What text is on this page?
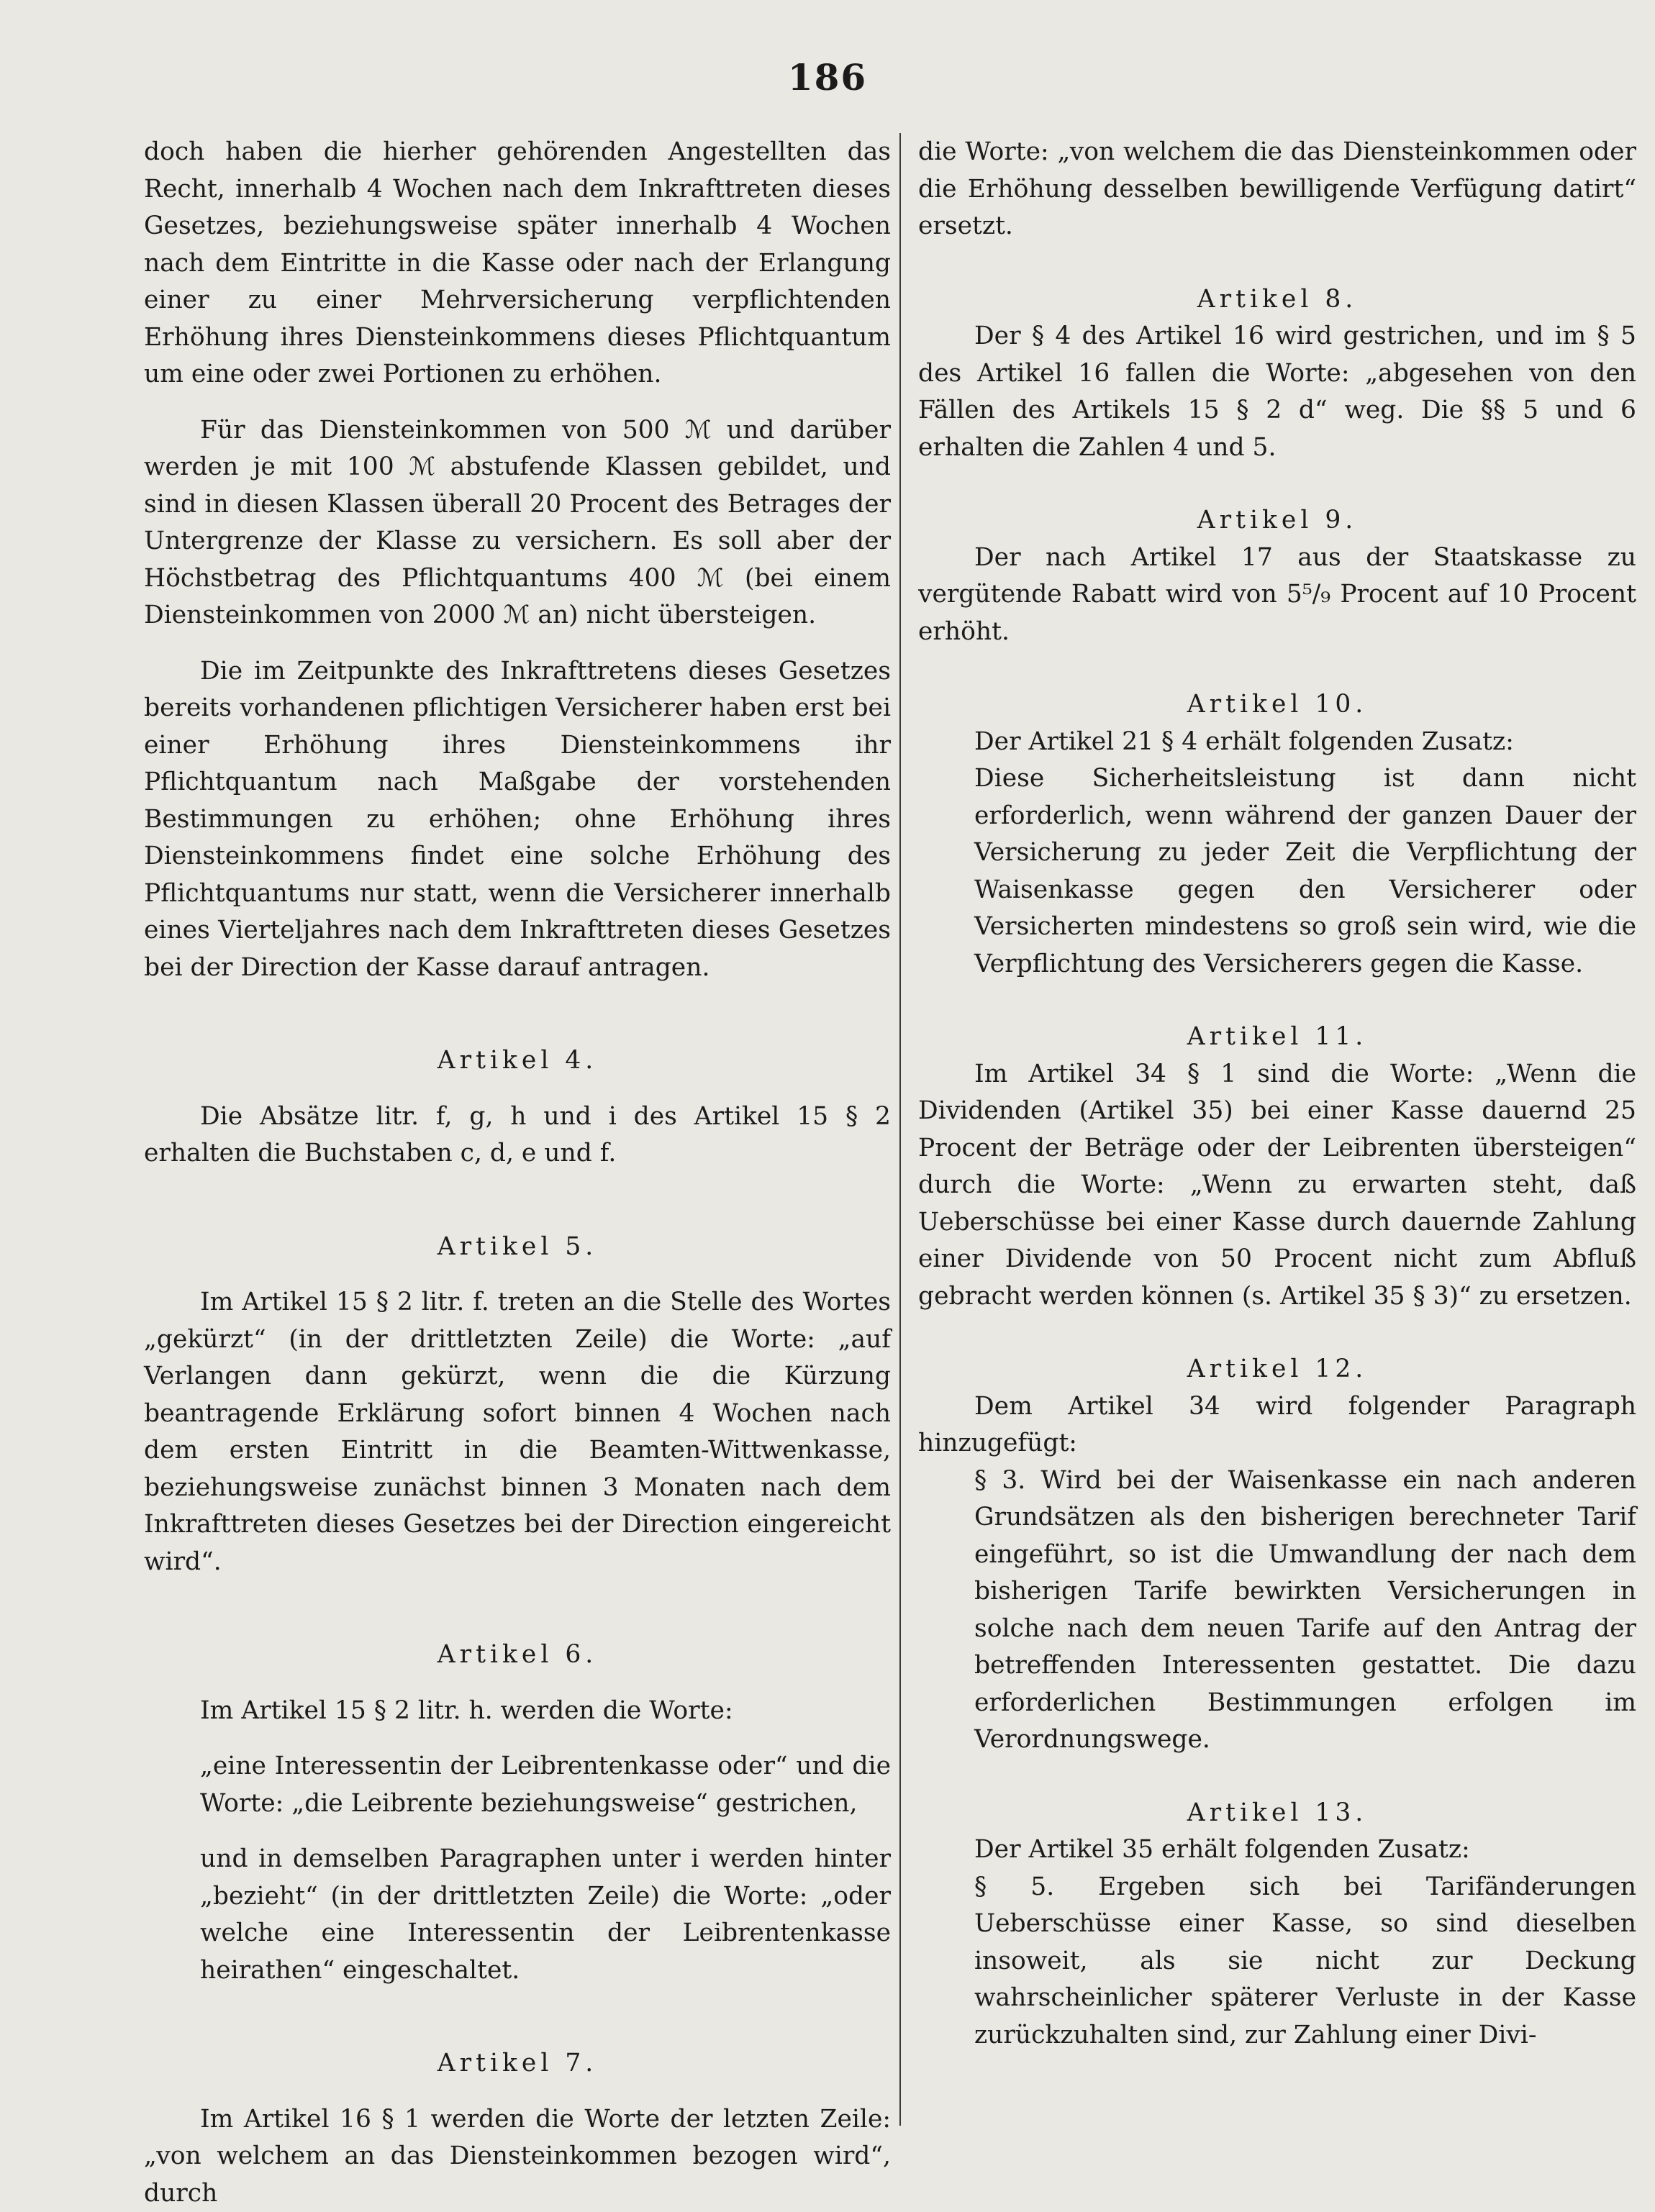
186

doch haben die hierher gehörenden Angestellten das Recht, innerhalb 4 Wochen nach dem Inkrafttreten dieses Gesetzes, beziehungsweise später innerhalb 4 Wochen nach dem Eintritte in die Kasse oder nach der Erlangung einer zu einer Mehrversicherung verpflichtenden Erhöhung ihres Diensteinkommens dieses Pflichtquantum um eine oder zwei Portionen zu erhöhen.

Für das Diensteinkommen von 500 ℳ und darüber werden je mit 100 ℳ abstufende Klassen gebildet, und sind in diesen Klassen überall 20 Procent des Betrages der Untergrenze der Klasse zu versichern. Es soll aber der Höchstbetrag des Pflichtquantums 400 ℳ (bei einem Diensteinkommen von 2000 ℳ an) nicht übersteigen.

Die im Zeitpunkte des Inkrafttretens dieses Gesetzes bereits vorhandenen pflichtigen Versicherer haben erst bei einer Erhöhung ihres Diensteinkommens ihr Pflichtquantum nach Maßgabe der vorstehenden Bestimmungen zu erhöhen; ohne Erhöhung ihres Diensteinkommens findet eine solche Erhöhung des Pflichtquantums nur statt, wenn die Versicherer innerhalb eines Vierteljahres nach dem Inkrafttreten dieses Gesetzes bei der Direction der Kasse darauf antragen.

Artikel 4.

Die Absätze litr. f, g, h und i des Artikel 15 § 2 erhalten die Buchstaben c, d, e und f.

Artikel 5.

Im Artikel 15 § 2 litr. f. treten an die Stelle des Wortes „gekürzt“ (in der drittletzten Zeile) die Worte: „auf Verlangen dann gekürzt, wenn die die Kürzung beantragende Erklärung sofort binnen 4 Wochen nach dem ersten Eintritt in die Beamten-Wittwenkasse, beziehungsweise zunächst binnen 3 Monaten nach dem Inkrafttreten dieses Gesetzes bei der Direction eingereicht wird“.

Artikel 6.

Im Artikel 15 § 2 litr. h. werden die Worte:

„eine Interessentin der Leibrentenkasse oder“ und die Worte: „die Leibrente beziehungsweise“ gestrichen,

und in demselben Paragraphen unter i werden hinter „bezieht“ (in der drittletzten Zeile) die Worte: „oder welche eine Interessentin der Leibrentenkasse heirathen“ eingeschaltet.

Artikel 7.

Im Artikel 16 § 1 werden die Worte der letzten Zeile: „von welchem an das Diensteinkommen bezogen wird“, durch

die Worte: „von welchem die das Diensteinkommen oder die Erhöhung desselben bewilligende Verfügung datirt“ ersetzt.

Artikel 8.

Der § 4 des Artikel 16 wird gestrichen, und im § 5 des Artikel 16 fallen die Worte: „abgesehen von den Fällen des Artikels 15 § 2 d“ weg. Die §§ 5 und 6 erhalten die Zahlen 4 und 5.

Artikel 9.

Der nach Artikel 17 aus der Staatskasse zu vergütende Rabatt wird von 5⁵/₉ Procent auf 10 Procent erhöht.

Artikel 10.

Der Artikel 21 § 4 erhält folgenden Zusatz:

Diese Sicherheitsleistung ist dann nicht erforderlich, wenn während der ganzen Dauer der Versicherung zu jeder Zeit die Verpflichtung der Waisenkasse gegen den Versicherer oder Versicherten mindestens so groß sein wird, wie die Verpflichtung des Versicherers gegen die Kasse.

Artikel 11.

Im Artikel 34 § 1 sind die Worte: „Wenn die Dividenden (Artikel 35) bei einer Kasse dauernd 25 Procent der Beträge oder der Leibrenten übersteigen“ durch die Worte: „Wenn zu erwarten steht, daß Ueberschüsse bei einer Kasse durch dauernde Zahlung einer Dividende von 50 Procent nicht zum Abfluß gebracht werden können (s. Artikel 35 § 3)“ zu ersetzen.

Artikel 12.

Dem Artikel 34 wird folgender Paragraph hinzugefügt:

§ 3. Wird bei der Waisenkasse ein nach anderen Grundsätzen als den bisherigen berechneter Tarif eingeführt, so ist die Umwandlung der nach dem bisherigen Tarife bewirkten Versicherungen in solche nach dem neuen Tarife auf den Antrag der betreffenden Interessenten gestattet. Die dazu erforderlichen Bestimmungen erfolgen im Verordnungswege.

Artikel 13.

Der Artikel 35 erhält folgenden Zusatz:

§ 5. Ergeben sich bei Tarifänderungen Ueberschüsse einer Kasse, so sind dieselben insoweit, als sie nicht zur Deckung wahrscheinlicher späterer Verluste in der Kasse zurückzuhalten sind, zur Zahlung einer Divi-
